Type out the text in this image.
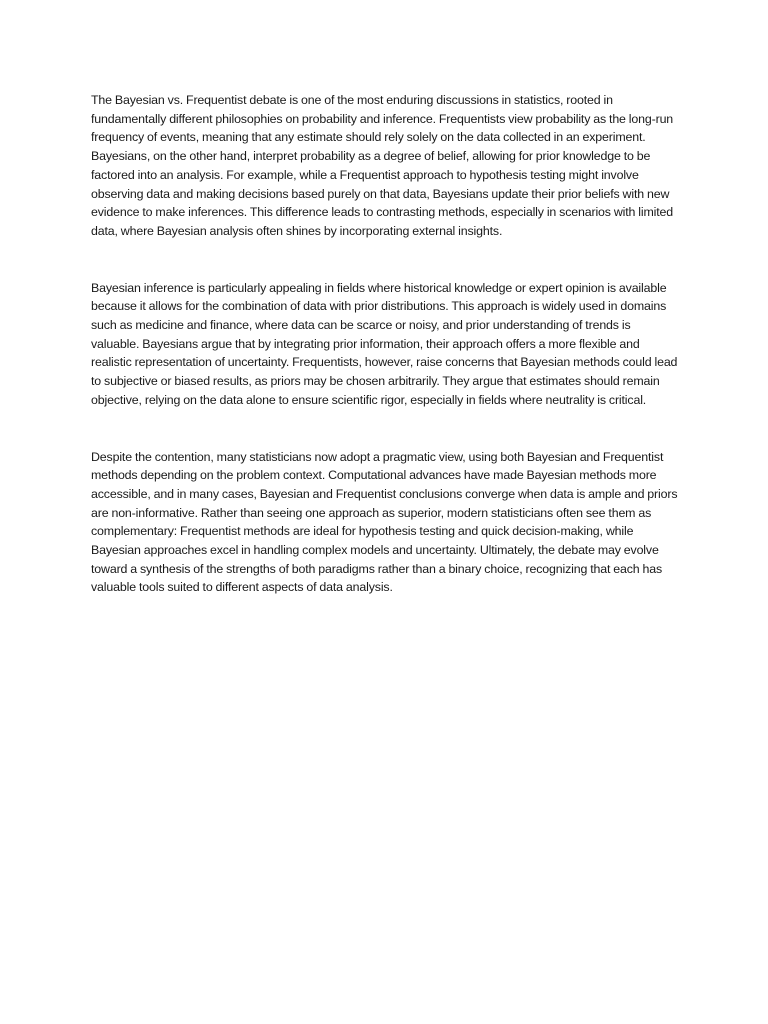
The Bayesian vs. Frequentist debate is one of the most enduring discussions in statistics, rooted in fundamentally different philosophies on probability and inference. Frequentists view probability as the long-run frequency of events, meaning that any estimate should rely solely on the data collected in an experiment. Bayesians, on the other hand, interpret probability as a degree of belief, allowing for prior knowledge to be factored into an analysis. For example, while a Frequentist approach to hypothesis testing might involve observing data and making decisions based purely on that data, Bayesians update their prior beliefs with new evidence to make inferences. This difference leads to contrasting methods, especially in scenarios with limited data, where Bayesian analysis often shines by incorporating external insights.

Bayesian inference is particularly appealing in fields where historical knowledge or expert opinion is available because it allows for the combination of data with prior distributions. This approach is widely used in domains such as medicine and finance, where data can be scarce or noisy, and prior understanding of trends is valuable. Bayesians argue that by integrating prior information, their approach offers a more flexible and realistic representation of uncertainty. Frequentists, however, raise concerns that Bayesian methods could lead to subjective or biased results, as priors may be chosen arbitrarily. They argue that estimates should remain objective, relying on the data alone to ensure scientific rigor, especially in fields where neutrality is critical.

Despite the contention, many statisticians now adopt a pragmatic view, using both Bayesian and Frequentist methods depending on the problem context. Computational advances have made Bayesian methods more accessible, and in many cases, Bayesian and Frequentist conclusions converge when data is ample and priors are non-informative. Rather than seeing one approach as superior, modern statisticians often see them as complementary: Frequentist methods are ideal for hypothesis testing and quick decision-making, while Bayesian approaches excel in handling complex models and uncertainty. Ultimately, the debate may evolve toward a synthesis of the strengths of both paradigms rather than a binary choice, recognizing that each has valuable tools suited to different aspects of data analysis.
